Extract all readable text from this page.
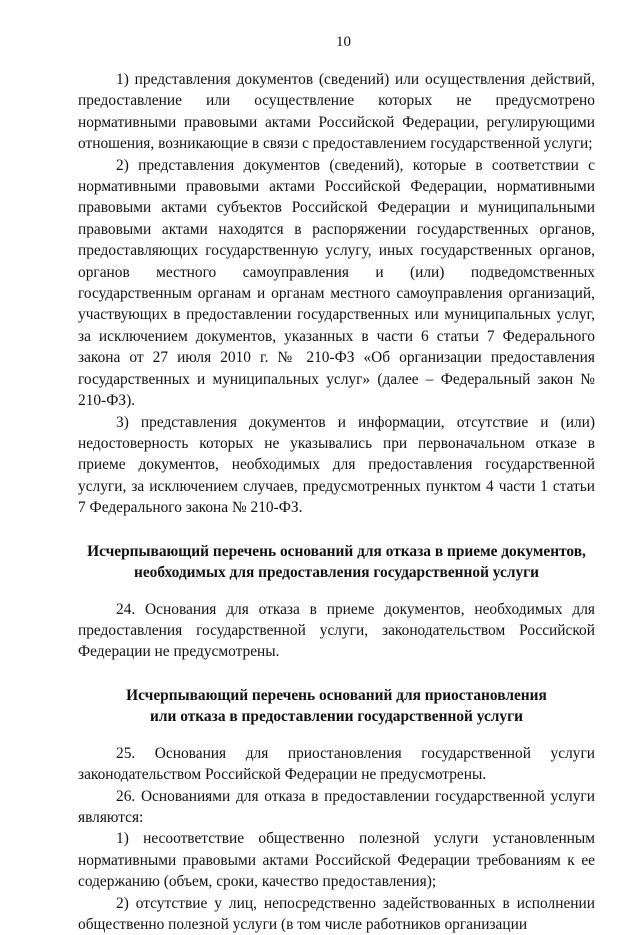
10

1) представления документов (сведений) или осуществления действий, предоставление или осуществление которых не предусмотрено нормативными правовыми актами Российской Федерации, регулирующими отношения, возникающие в связи с предоставлением государственной услуги;

2) представления документов (сведений), которые в соответствии с нормативными правовыми актами Российской Федерации, нормативными правовыми актами субъектов Российской Федерации и муниципальными правовыми актами находятся в распоряжении государственных органов, предоставляющих государственную услугу, иных государственных органов, органов местного самоуправления и (или) подведомственных государственным органам и органам местного самоуправления организаций, участвующих в предоставлении государственных или муниципальных услуг, за исключением документов, указанных в части 6 статьи 7 Федерального закона от 27 июля 2010 г. № 210-ФЗ «Об организации предоставления государственных и муниципальных услуг» (далее – Федеральный закон № 210-ФЗ).

3) представления документов и информации, отсутствие и (или) недостоверность которых не указывались при первоначальном отказе в приеме документов, необходимых для предоставления государственной услуги, за исключением случаев, предусмотренных пунктом 4 части 1 статьи 7 Федерального закона № 210-ФЗ.

Исчерпывающий перечень оснований для отказа в приеме документов,
необходимых для предоставления государственной услуги

24. Основания для отказа в приеме документов, необходимых для предоставления государственной услуги, законодательством Российской Федерации не предусмотрены.

Исчерпывающий перечень оснований для приостановления
или отказа в предоставлении государственной услуги

25. Основания для приостановления государственной услуги законодательством Российской Федерации не предусмотрены.

26. Основаниями для отказа в предоставлении государственной услуги являются:

1) несоответствие общественно полезной услуги установленным нормативными правовыми актами Российской Федерации требованиям к ее содержанию (объем, сроки, качество предоставления);

2) отсутствие у лиц, непосредственно задействованных в исполнении общественно полезной услуги (в том числе работников организации
